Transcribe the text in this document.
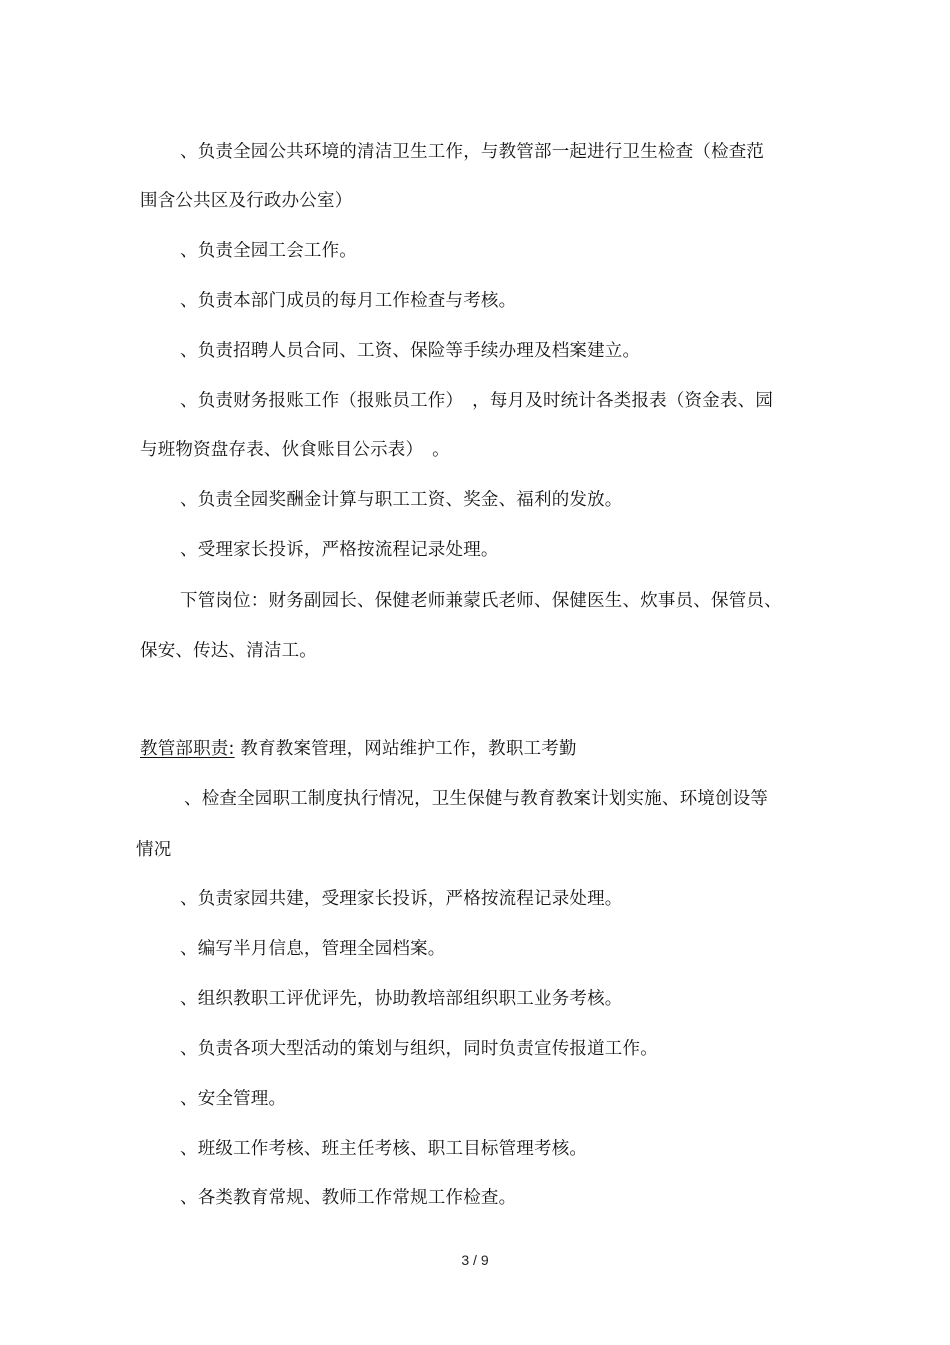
、负责全园公共环境的清洁卫生工作，与教管部一起进行卫生检查（检查范
围含公共区及行政办公室）
、负责全园工会工作。
、负责本部门成员的每月工作检查与考核。
、负责招聘人员合同、工资、保险等手续办理及档案建立。
、负责财务报账工作（报账员工作）　，每月及时统计各类报表（资金表、园
与班物资盘存表、伙食账目公示表）　。
、负责全园奖酬金计算与职工工资、奖金、福利的发放。
、受理家长投诉，严格按流程记录处理。
下管岗位：财务副园长、保健老师兼蒙氏老师、保健医生、炊事员、保管员、
保安、传达、清洁工。
教管部职责: 教育教案管理，网站维护工作，教职工考勤
、检查全园职工制度执行情况，卫生保健与教育教案计划实施、环境创设等
情况
、负责家园共建，受理家长投诉，严格按流程记录处理。
、编写半月信息，管理全园档案。
、组织教职工评优评先，协助教培部组织职工业务考核。
、负责各项大型活动的策划与组织，同时负责宣传报道工作。
、安全管理。
、班级工作考核、班主任考核、职工目标管理考核。
、各类教育常规、教师工作常规工作检查。
3 / 9
